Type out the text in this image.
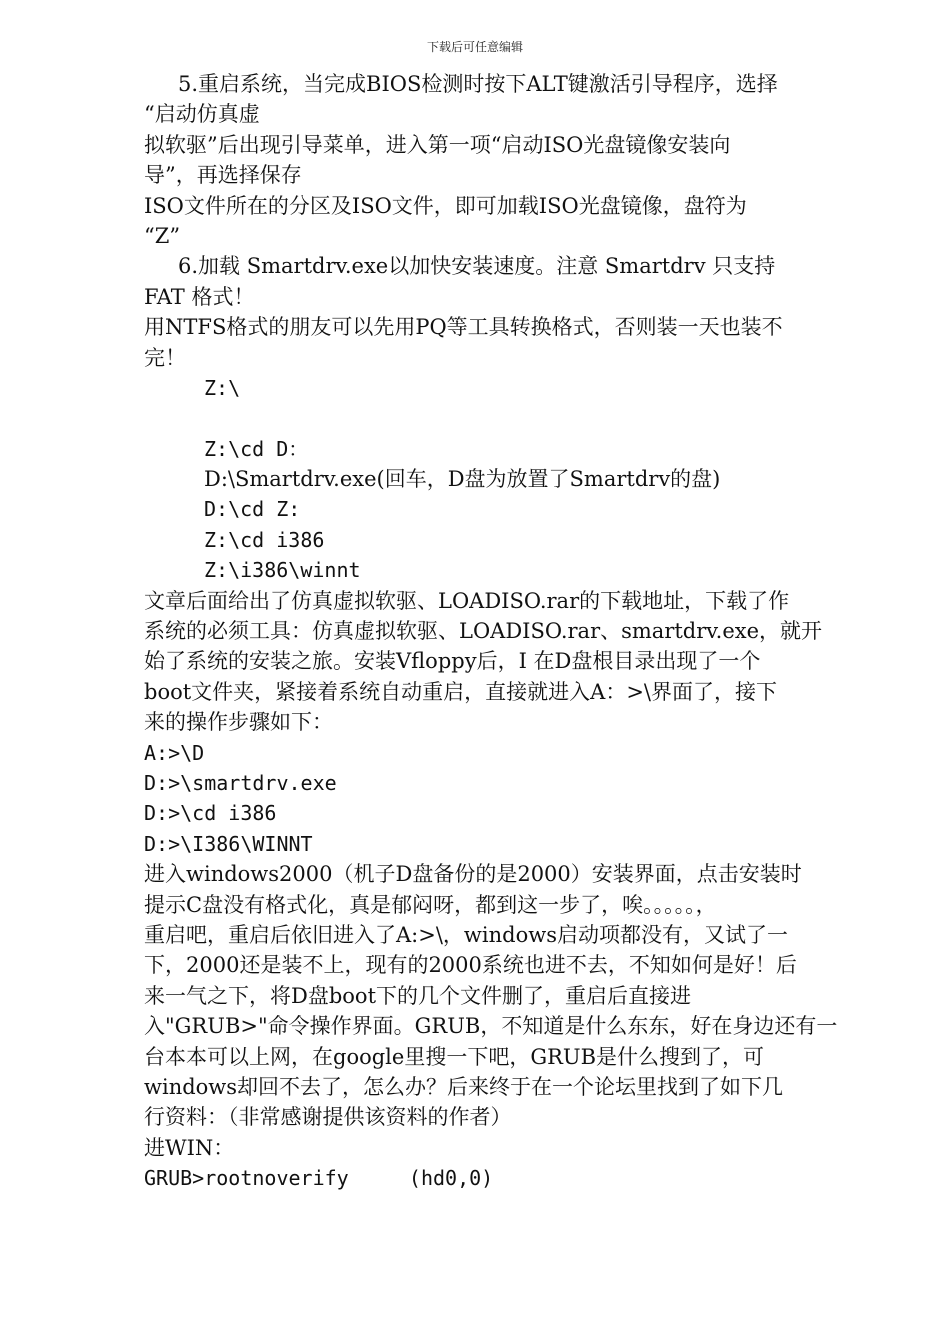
下载后可任意编辑
5.重启系统，当完成BIOS检测时按下ALT键激活引导程序，选择
“启动仿真虚
拟软驱”后出现引导菜单，进入第一项“启动ISO光盘镜像安装向
导”，再选择保存
ISO文件所在的分区及ISO文件，即可加载ISO光盘镜像，盘符为
“Z”
6.加载 Smartdrv.exe以加快安装速度。注意 Smartdrv 只支持
FAT 格式！
用NTFS格式的朋友可以先用PQ等工具转换格式，否则装一天也装不
完！
Z:\
Z:\cd D：
D:\Smartdrv.exe(回车，D盘为放置了Smartdrv的盘)
D:\cd Z:
Z:\cd i386
Z:\i386\winnt
文章后面给出了仿真虚拟软驱、LOADISO.rar的下载地址，下载了作
系统的必须工具：仿真虚拟软驱、LOADISO.rar、smartdrv.exe，就开
始了系统的安装之旅。安装Vfloppy后，I 在D盘根目录出现了一个
boot文件夹，紧接着系统自动重启，直接就进入A：>\界面了，接下
来的操作步骤如下：
A:>\D
D:>\smartdrv.exe
D:>\cd i386
D:>\I386\WINNT
进入windows2000（机子D盘备份的是2000）安装界面，点击安装时
提示C盘没有格式化，真是郁闷呀，都到这一步了，唉。。。。。，
重启吧，重启后依旧进入了A:>\，windows启动项都没有，又试了一
下，2000还是装不上，现有的2000系统也进不去，不知如何是好！后
来一气之下，将D盘boot下的几个文件删了，重启后直接进
入"GRUB>"命令操作界面。GRUB，不知道是什么东东，好在身边还有一
台本本可以上网，在google里搜一下吧，GRUB是什么搜到了，可
windows却回不去了，怎么办？后来终于在一个论坛里找到了如下几
行资料：（非常感谢提供该资料的作者）
进WIN：
GRUB>rootnoverify     (hd0,0)
